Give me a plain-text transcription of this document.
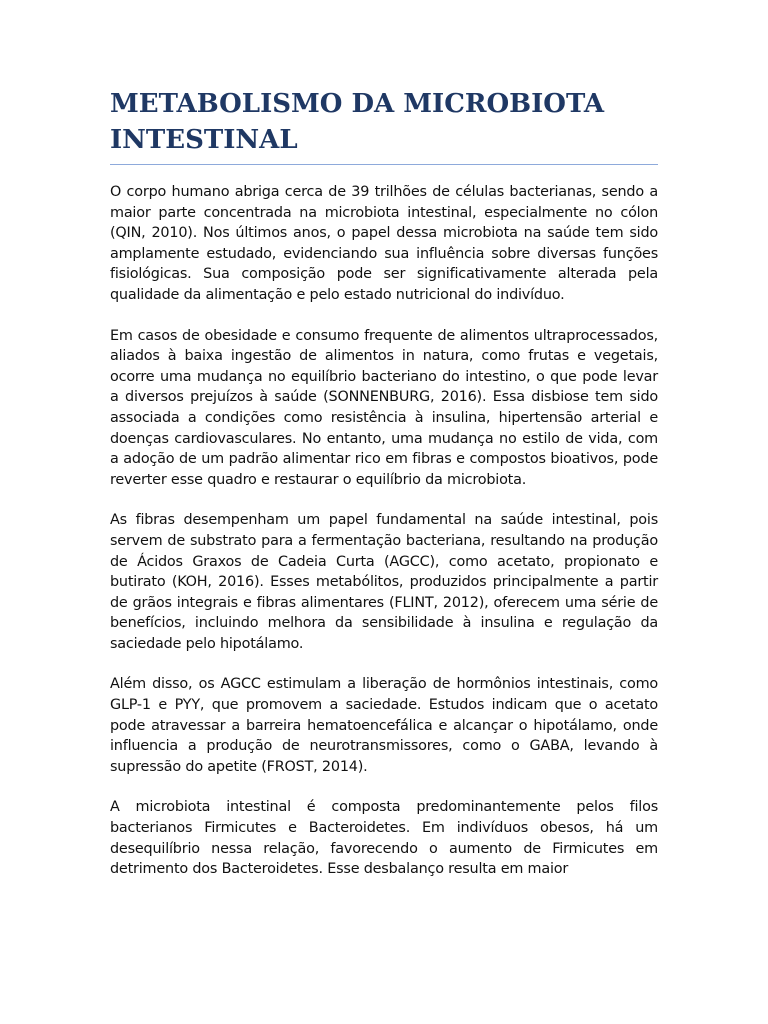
METABOLISMO DA MICROBIOTA INTESTINAL

O corpo humano abriga cerca de 39 trilhões de células bacterianas, sendo a maior parte concentrada na microbiota intestinal, especialmente no cólon (QIN, 2010). Nos últimos anos, o papel dessa microbiota na saúde tem sido amplamente estudado, evidenciando sua influência sobre diversas funções fisiológicas. Sua composição pode ser significativamente alterada pela qualidade da alimentação e pelo estado nutricional do indivíduo.

Em casos de obesidade e consumo frequente de alimentos ultraprocessados, aliados à baixa ingestão de alimentos in natura, como frutas e vegetais, ocorre uma mudança no equilíbrio bacteriano do intestino, o que pode levar a diversos prejuízos à saúde (SONNENBURG, 2016). Essa disbiose tem sido associada a condições como resistência à insulina, hipertensão arterial e doenças cardiovasculares. No entanto, uma mudança no estilo de vida, com a adoção de um padrão alimentar rico em fibras e compostos bioativos, pode reverter esse quadro e restaurar o equilíbrio da microbiota.

As fibras desempenham um papel fundamental na saúde intestinal, pois servem de substrato para a fermentação bacteriana, resultando na produção de Ácidos Graxos de Cadeia Curta (AGCC), como acetato, propionato e butirato (KOH, 2016). Esses metabólitos, produzidos principalmente a partir de grãos integrais e fibras alimentares (FLINT, 2012), oferecem uma série de benefícios, incluindo melhora da sensibilidade à insulina e regulação da saciedade pelo hipotálamo.

Além disso, os AGCC estimulam a liberação de hormônios intestinais, como GLP-1 e PYY, que promovem a saciedade. Estudos indicam que o acetato pode atravessar a barreira hematoencefálica e alcançar o hipotálamo, onde influencia a produção de neurotransmissores, como o GABA, levando à supressão do apetite (FROST, 2014).

A microbiota intestinal é composta predominantemente pelos filos bacterianos Firmicutes e Bacteroidetes. Em indivíduos obesos, há um desequilíbrio nessa relação, favorecendo o aumento de Firmicutes em detrimento dos Bacteroidetes. Esse desbalanço resulta em maior
